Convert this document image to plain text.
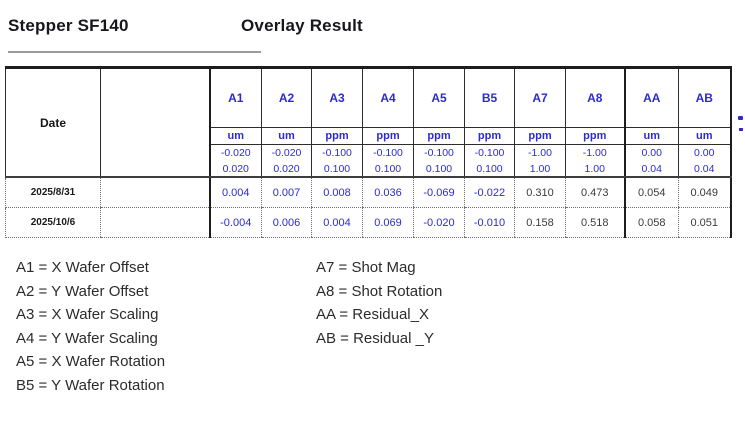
Stepper SF140	Overlay Result
Date		A1	A2	A3	A4	A5	B5	A7	A8	AA	AB
		um	um	ppm	ppm	ppm	ppm	ppm	ppm	um	um
		-0.020	-0.020	-0.100	-0.100	-0.100	-0.100	-1.00	-1.00	0.00	0.00
		0.020	0.020	0.100	0.100	0.100	0.100	1.00	1.00	0.04	0.04
2025/8/31		0.004	0.007	0.008	0.036	-0.069	-0.022	0.310	0.473	0.054	0.049
2025/10/6		-0.004	0.006	0.004	0.069	-0.020	-0.010	0.158	0.518	0.058	0.051
A1 = X Wafer Offset
A2 = Y Wafer Offset
A3 = X Wafer Scaling
A4 = Y Wafer Scaling
A5 = X Wafer Rotation
B5 = Y Wafer Rotation
A7 = Shot Mag
A8 = Shot Rotation
AA = Residual_X
AB = Residual _Y
